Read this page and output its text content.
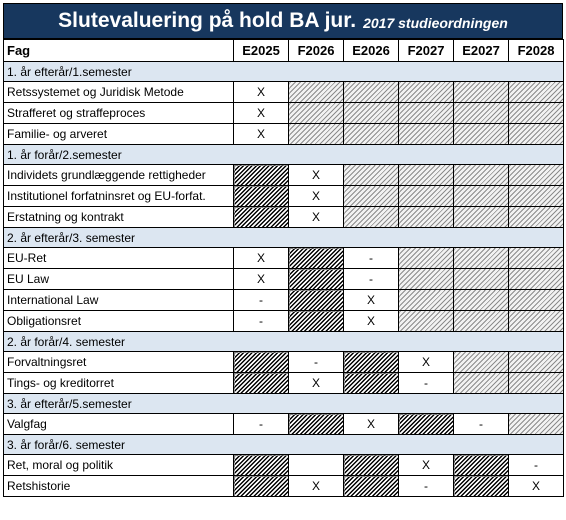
Slutevaluering på hold BA jur. 2017 studieordningen
Fag	E2025	F2026	E2026	F2027	E2027	F2028
1. år efterår/1.semester						
Retssystemet og Juridisk Metode	X					
Strafferet og straffeproces	X					
Familie- og arveret	X					
1. år forår/2.semester						
Individets grundlæggende rettigheder		X				
Institutionel forfatninsret og EU-forfat.		X				
Erstatning og kontrakt		X				
2. år efterår/3. semester						
EU-Ret	X		-			
EU Law	X		-			
International Law	-		X			
Obligationsret	-		X			
2. år forår/4. semester						
Forvaltningsret		-		X		
Tings- og kreditorret		X		-		
3. år efterår/5.semester						
Valgfag	-		X		-	
3. år forår/6. semester						
Ret, moral og politik				X		-
Retshistorie		X		-		X
